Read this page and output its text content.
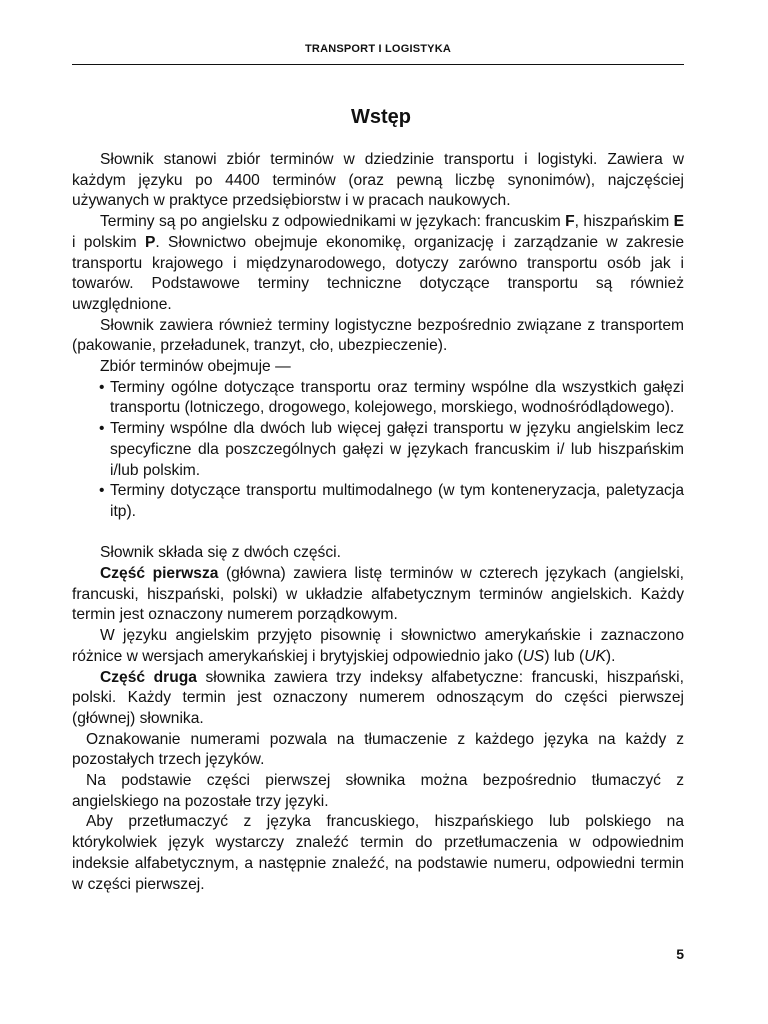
TRANSPORT I LOGISTYKA
Wstęp

Słownik stanowi zbiór terminów w dziedzinie transportu i logistyki. Zawiera w każdym języku po 4400 terminów (oraz pewną liczbę synonimów), najczęściej używanych w praktyce przedsiębiorstw i w pracach naukowych.

Terminy są po angielsku z odpowiednikami w językach: francuskim F, hiszpańskim E i polskim P. Słownictwo obejmuje ekonomikę, organizację i zarządzanie w zakresie transportu krajowego i międzynarodowego, dotyczy zarówno transportu osób jak i towarów. Podstawowe terminy techniczne dotyczące transportu są również uwzględnione.

Słownik zawiera również terminy logistyczne bezpośrednio związane z transportem (pakowanie, przeładunek, tranzyt, cło, ubezpieczenie).

Zbiór terminów obejmuje —

• Terminy ogólne dotyczące transportu oraz terminy wspólne dla wszystkich gałęzi transportu (lotniczego, drogowego, kolejowego, morskiego, wodnośródlądowego).
• Terminy wspólne dla dwóch lub więcej gałęzi transportu w języku angielskim lecz specyficzne dla poszczególnych gałęzi w językach francuskim i/ lub hiszpańskim i/lub polskim.
• Terminy dotyczące transportu multimodalnego (w tym konteneryzacja, paletyzacja itp).

Słownik składa się z dwóch części.

Część pierwsza (główna) zawiera listę terminów w czterech językach (angielski, francuski, hiszpański, polski) w układzie alfabetycznym terminów angielskich. Każdy termin jest oznaczony numerem porządkowym.

W języku angielskim przyjęto pisownię i słownictwo amerykańskie i zaznaczono różnice w wersjach amerykańskiej i brytyjskiej odpowiednio jako (US) lub (UK).

Część druga słownika zawiera trzy indeksy alfabetyczne: francuski, hiszpański, polski. Każdy termin jest oznaczony numerem odnoszącym do części pierwszej (głównej) słownika.

Oznakowanie numerami pozwala na tłumaczenie z każdego języka na każdy z pozostałych trzech języków.

Na podstawie części pierwszej słownika można bezpośrednio tłumaczyć z angielskiego na pozostałe trzy języki.

Aby przetłumaczyć z języka francuskiego, hiszpańskiego lub polskiego na którykolwiek język wystarczy znaleźć termin do przetłumaczenia w odpowiednim indeksie alfabetycznym, a następnie znaleźć, na podstawie numeru, odpowiedni termin w części pierwszej.

5
